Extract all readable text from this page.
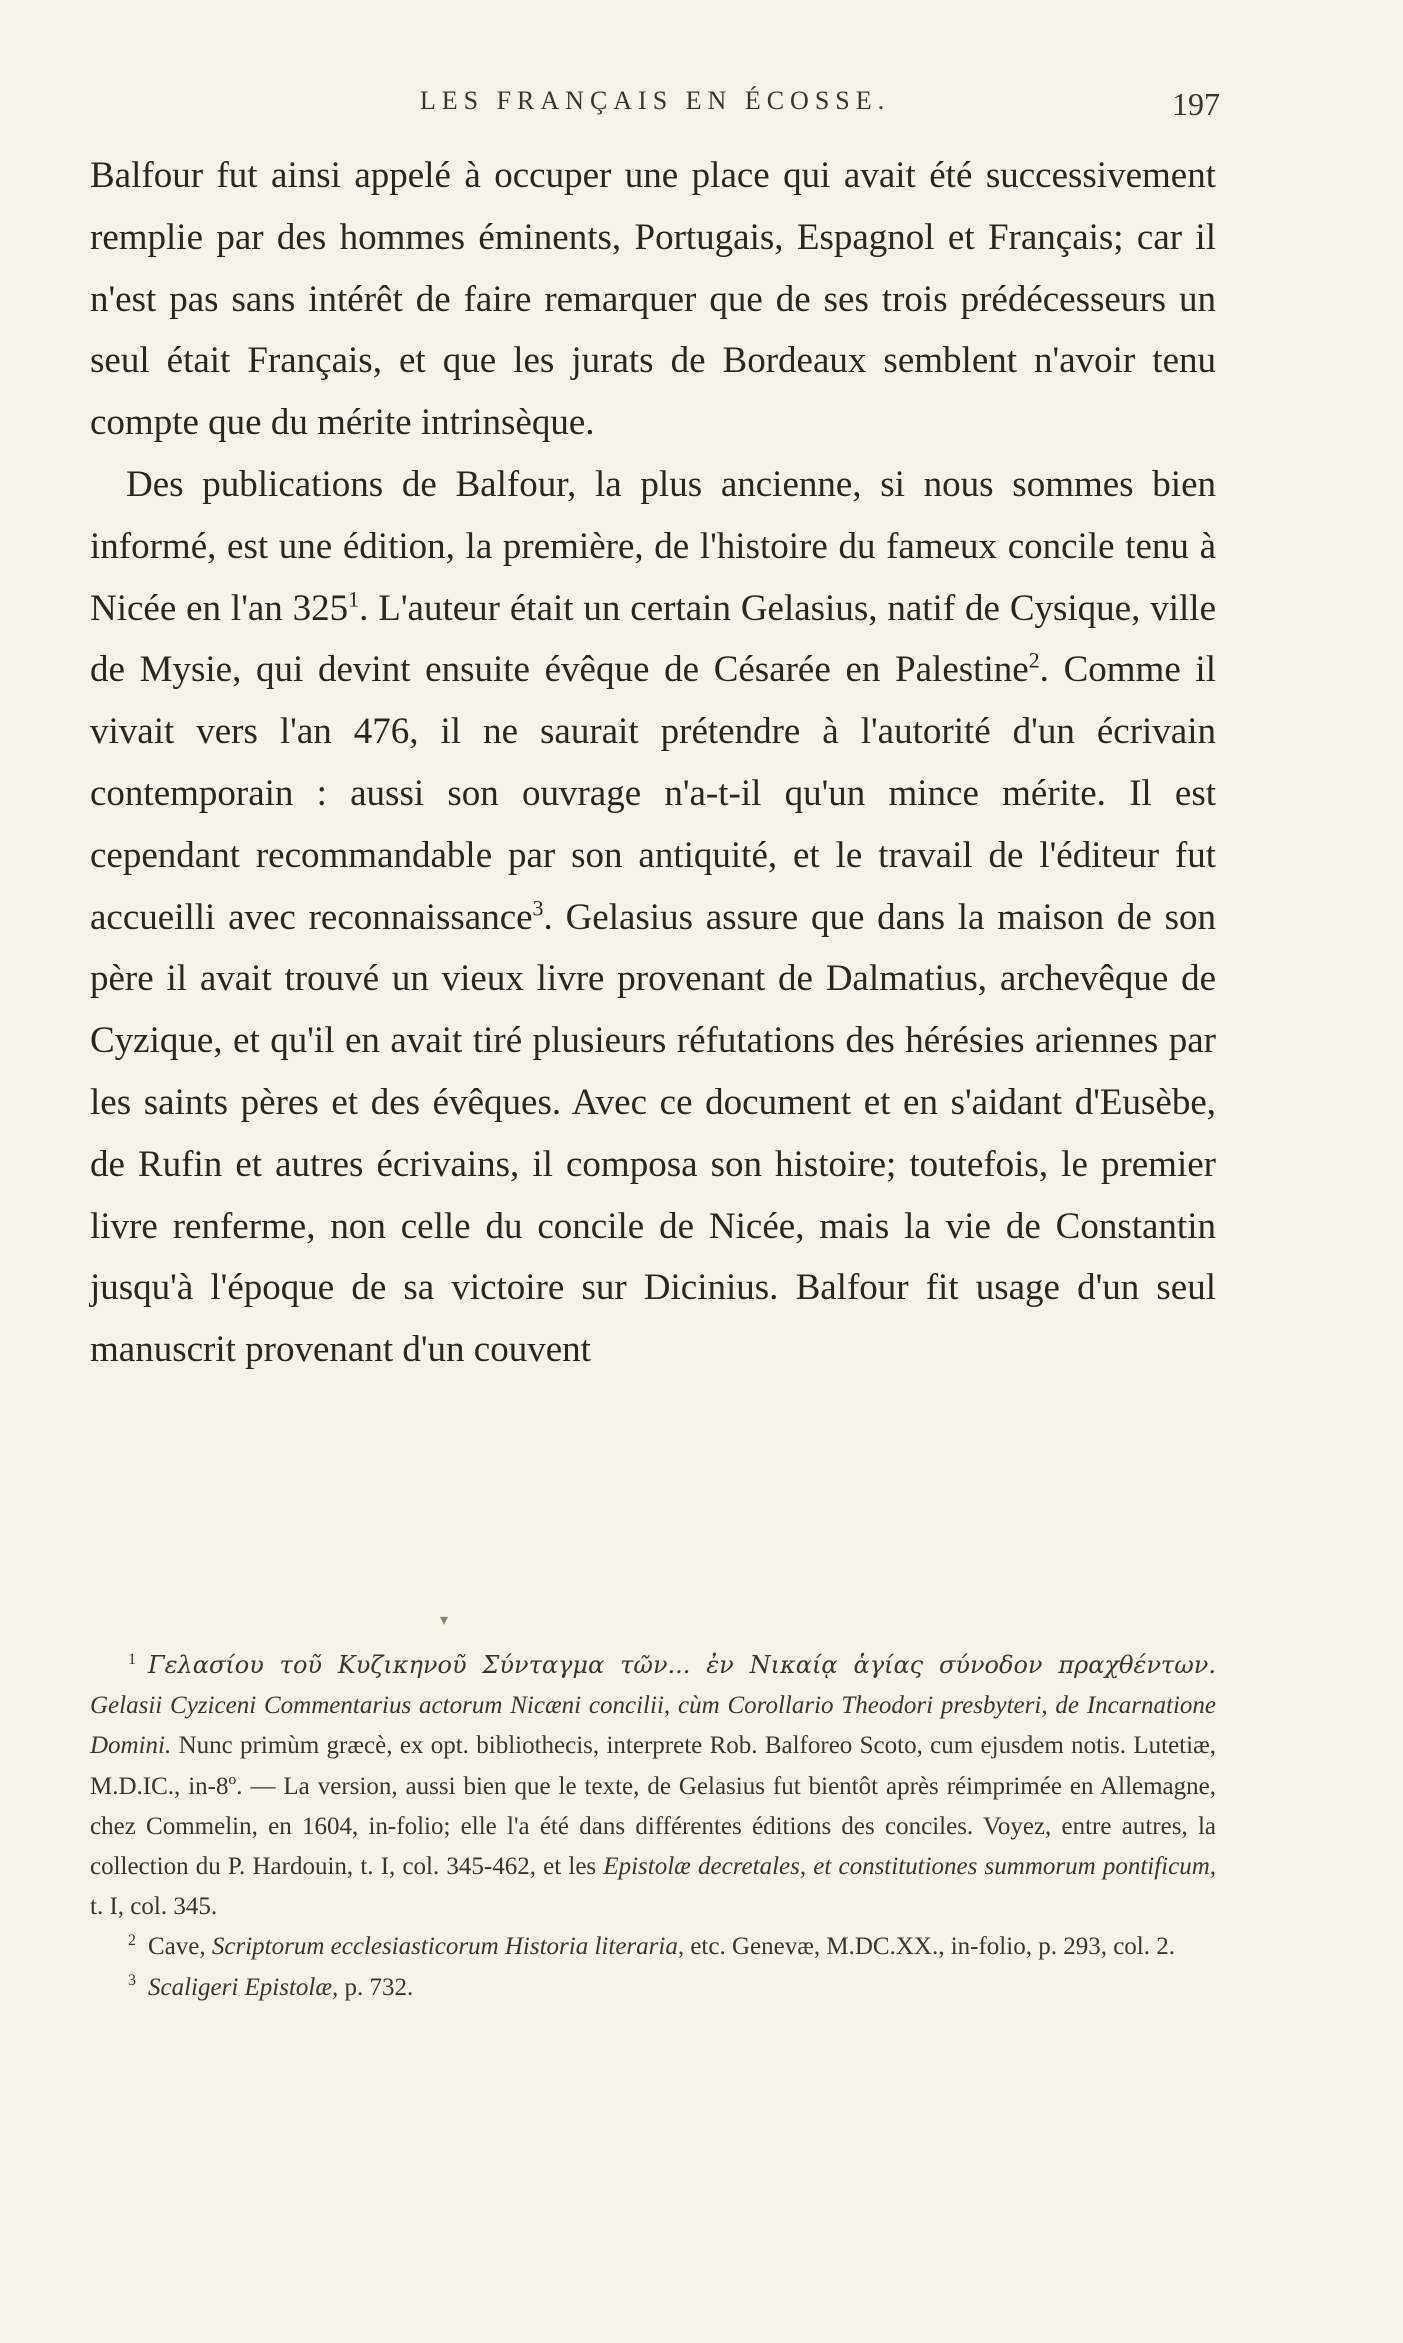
LES FRANÇAIS EN ÉCOSSE.	197

Balfour fut ainsi appelé à occuper une place qui avait été successivement remplie par des hommes éminents, Portugais, Espagnol et Français; car il n'est pas sans intérêt de faire remarquer que de ses trois prédécesseurs un seul était Français, et que les jurats de Bordeaux semblent n'avoir tenu compte que du mérite intrinsèque.

Des publications de Balfour, la plus ancienne, si nous sommes bien informé, est une édition, la première, de l'histoire du fameux concile tenu à Nicée en l'an $325^1$. L'auteur était un certain Gelasius, natif de Cysique, ville de Mysie, qui devint ensuite évêque de Césarée en Palestine$^2$. Comme il vivait vers l'an 476, il ne saurait prétendre à l'autorité d'un écrivain contemporain : aussi son ouvrage n'a-t-il qu'un mince mérite. Il est cependant recommandable par son antiquité, et le travail de l'éditeur fut accueilli avec reconnaissance$^3$. Gelasius assure que dans la maison de son père il avait trouvé un vieux livre provenant de Dalmatius, archevêque de Cyzique, et qu'il en avait tiré plusieurs réfutations des hérésies ariennes par les saints pères et des évêques. Avec ce document et en s'aidant d'Eusèbe, de Rufin et autres écrivains, il composa son histoire; toutefois, le premier livre renferme, non celle du concile de Nicée, mais la vie de Constantin jusqu'à l'époque de sa victoire sur Dicinius. Balfour fit usage d'un seul manuscrit provenant d'un couvent

▾

$^1$ Γελασίου τοῦ Κυζικηνοῦ Σύνταγμα τῶν... ἐν Νικαίᾳ ἁγίας σύνοδον πραχθέντων. Gelasii Cyziceni Commentarius actorum Nicæni concilii, cùm Corollario Theodori presbyteri, de Incarnatione Domini. Nunc primùm græcè, ex opt. bibliothecis, interprete Rob. Balforeo Scoto, cum ejusdem notis. Lutetiæ, M.D.IC., in-8º. — La version, aussi bien que le texte, de Gelasius fut bientôt après réimprimée en Allemagne, chez Commelin, en 1604, in-folio; elle l'a été dans différentes éditions des conciles. Voyez, entre autres, la collection du P. Hardouin, t. I, col. 345-462, et les Epistolæ decretales, et constitutiones summorum pontificum, t. I, col. 345.

$^2$ Cave, Scriptorum ecclesiasticorum Historia literaria, etc. Genevæ, M.DC.XX., in-folio, p. 293, col. 2.

$^3$ Scaligeri Epistolæ, p. 732.
